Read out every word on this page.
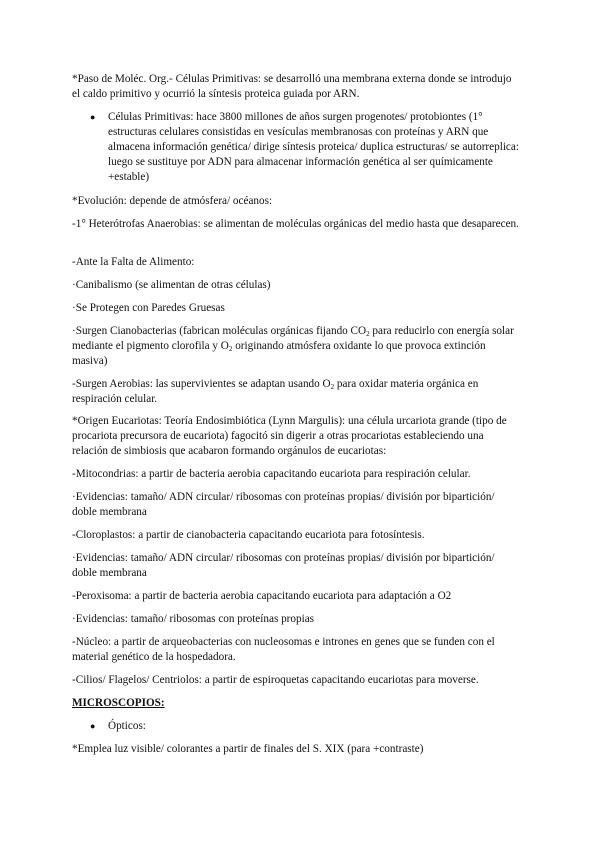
*Paso de Moléc. Org.- Células Primitivas: se desarrolló una membrana externa donde se introdujo el caldo primitivo y ocurrió la síntesis proteica guiada por ARN.

● Células Primitivas: hace 3800 millones de años surgen progenotes/ protobiontes (1° estructuras celulares consistidas en vesículas membranosas con proteínas y ARN que almacena información genética/ dirige síntesis proteica/ duplica estructuras/ se autorreplica: luego se sustituye por ADN para almacenar información genética al ser químicamente +estable)

*Evolución: depende de atmósfera/ océanos:

-1° Heterótrofas Anaerobias: se alimentan de moléculas orgánicas del medio hasta que desaparecen.

-Ante la Falta de Alimento:

·Canibalismo (se alimentan de otras células)

·Se Protegen con Paredes Gruesas

·Surgen Cianobacterias (fabrican moléculas orgánicas fijando $CO_2$ para reducirlo con energía solar mediante el pigmento clorofila y $O_2$ originando atmósfera oxidante lo que provoca extinción masiva)

-Surgen Aerobias: las supervivientes se adaptan usando $O_2$ para oxidar materia orgánica en respiración celular.

*Origen Eucariotas: Teoría Endosimbiótica (Lynn Margulis): una célula urcariota grande (tipo de procariota precursora de eucariota) fagocitó sin digerir a otras procariotas estableciendo una relación de simbiosis que acabaron formando orgánulos de eucariotas:

-Mitocondrias: a partir de bacteria aerobia capacitando eucariota para respiración celular.

·Evidencias: tamaño/ ADN circular/ ribosomas con proteínas propias/ división por bipartición/ doble membrana

-Cloroplastos: a partir de cianobacteria capacitando eucariota para fotosíntesis.

·Evidencias: tamaño/ ADN circular/ ribosomas con proteínas propias/ división por bipartición/ doble membrana

-Peroxisoma: a partir de bacteria aerobia capacitando eucariota para adaptación a O2

·Evidencias: tamaño/ ribosomas con proteínas propias

-Núcleo: a partir de arqueobacterias con nucleosomas e intrones en genes que se funden con el material genético de la hospedadora.

-Cilios/ Flagelos/ Centriolos: a partir de espiroquetas capacitando eucariotas para moverse.

MICROSCOPIOS:

● Ópticos:

*Emplea luz visible/ colorantes a partir de finales del S. XIX (para +contraste)
